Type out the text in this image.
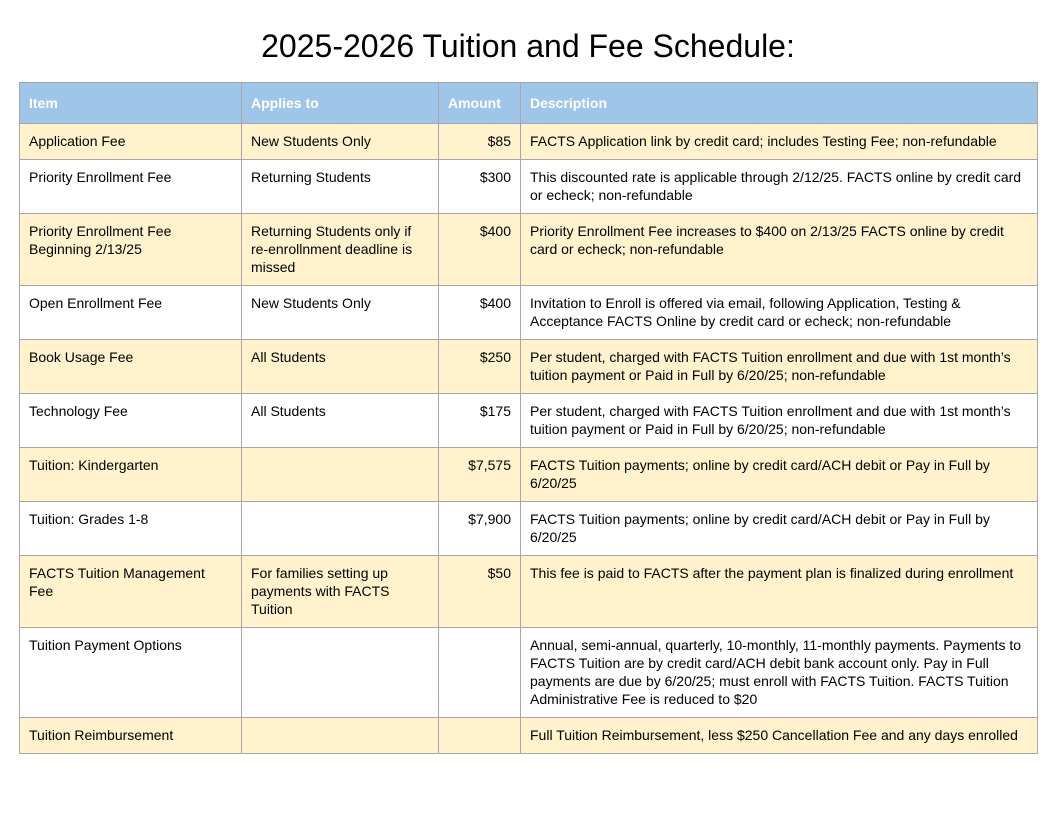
2025-2026 Tuition and Fee Schedule:
Item	Applies to	Amount	Description
Application Fee	New Students Only	$85	FACTS Application link by credit card; includes Testing Fee; non-refundable
Priority Enrollment Fee	Returning Students	$300	This discounted rate is applicable through 2/12/25. FACTS online by credit card or echeck; non-refundable
Priority Enrollment Fee Beginning 2/13/25	Returning Students only if re-enrollnment deadline is missed	$400	Priority Enrollment Fee increases to $400 on 2/13/25 FACTS online by credit card or echeck; non-refundable
Open Enrollment Fee	New Students Only	$400	Invitation to Enroll is offered via email, following Application, Testing & Acceptance FACTS Online by credit card or echeck; non-refundable
Book Usage Fee	All Students	$250	Per student, charged with FACTS Tuition enrollment and due with 1st month’s tuition payment or Paid in Full by 6/20/25; non-refundable
Technology Fee	All Students	$175	Per student, charged with FACTS Tuition enrollment and due with 1st month’s tuition payment or Paid in Full by 6/20/25; non-refundable
Tuition: Kindergarten		$7,575	FACTS Tuition payments; online by credit card/ACH debit or Pay in Full by 6/20/25
Tuition: Grades 1-8		$7,900	FACTS Tuition payments; online by credit card/ACH debit or Pay in Full by 6/20/25
FACTS Tuition Management Fee	For families setting up payments with FACTS Tuition	$50	This fee is paid to FACTS after the payment plan is finalized during enrollment
Tuition Payment Options			Annual, semi-annual, quarterly, 10-monthly, 11-monthly payments. Payments to FACTS Tuition are by credit card/ACH debit bank account only. Pay in Full payments are due by 6/20/25; must enroll with FACTS Tuition. FACTS Tuition Administrative Fee is reduced to $20
Tuition Reimbursement			Full Tuition Reimbursement, less $250 Cancellation Fee and any days enrolled
